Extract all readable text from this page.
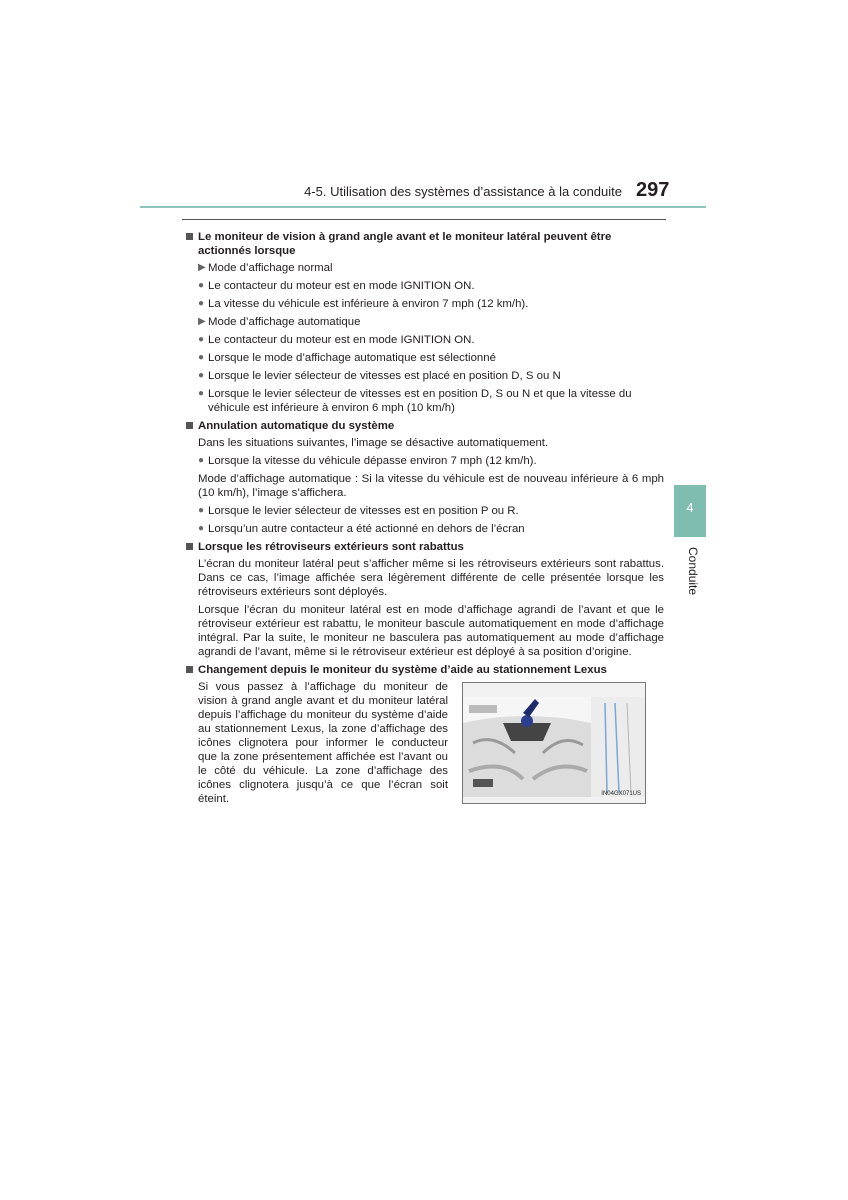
4-5. Utilisation des systèmes d’assistance à la conduite 297
4
Conduite
Le moniteur de vision à grand angle avant et le moniteur latéral peuvent être actionnés lorsque
▶ Mode d’affichage normal
● Le contacteur du moteur est en mode IGNITION ON.
● La vitesse du véhicule est inférieure à environ 7 mph (12 km/h).
▶ Mode d’affichage automatique
● Le contacteur du moteur est en mode IGNITION ON.
● Lorsque le mode d’affichage automatique est sélectionné
● Lorsque le levier sélecteur de vitesses est placé en position D, S ou N
● Lorsque le levier sélecteur de vitesses est en position D, S ou N et que la vitesse du véhicule est inférieure à environ 6 mph (10 km/h)
Annulation automatique du système
Dans les situations suivantes, l’image se désactive automatiquement.
● Lorsque la vitesse du véhicule dépasse environ 7 mph (12 km/h).
Mode d’affichage automatique : Si la vitesse du véhicule est de nouveau inférieure à 6 mph (10 km/h), l’image s’affichera.
● Lorsque le levier sélecteur de vitesses est en position P ou R.
● Lorsqu’un autre contacteur a été actionné en dehors de l’écran
Lorsque les rétroviseurs extérieurs sont rabattus
L’écran du moniteur latéral peut s’afficher même si les rétroviseurs extérieurs sont rabattus. Dans ce cas, l’image affichée sera légèrement différente de celle présentée lorsque les rétroviseurs extérieurs sont déployés.
Lorsque l’écran du moniteur latéral est en mode d’affichage agrandi de l’avant et que le rétroviseur extérieur est rabattu, le moniteur bascule automatiquement en mode d’affichage intégral. Par la suite, le moniteur ne basculera pas automatiquement au mode d’affichage agrandi de l’avant, même si le rétroviseur extérieur est déployé à sa position d’origine.
Changement depuis le moniteur du système d’aide au stationnement Lexus
Si vous passez à l’affichage du moniteur de vision à grand angle avant et du moniteur latéral depuis l’affichage du moniteur du système d’aide au stationnement Lexus, la zone d’affichage des icônes clignotera pour informer le conducteur que la zone présentement affichée est l’avant ou le côté du véhicule. La zone d’affichage des icônes clignotera jusqu’à ce que l’écran soit éteint.	IN04GX071US
